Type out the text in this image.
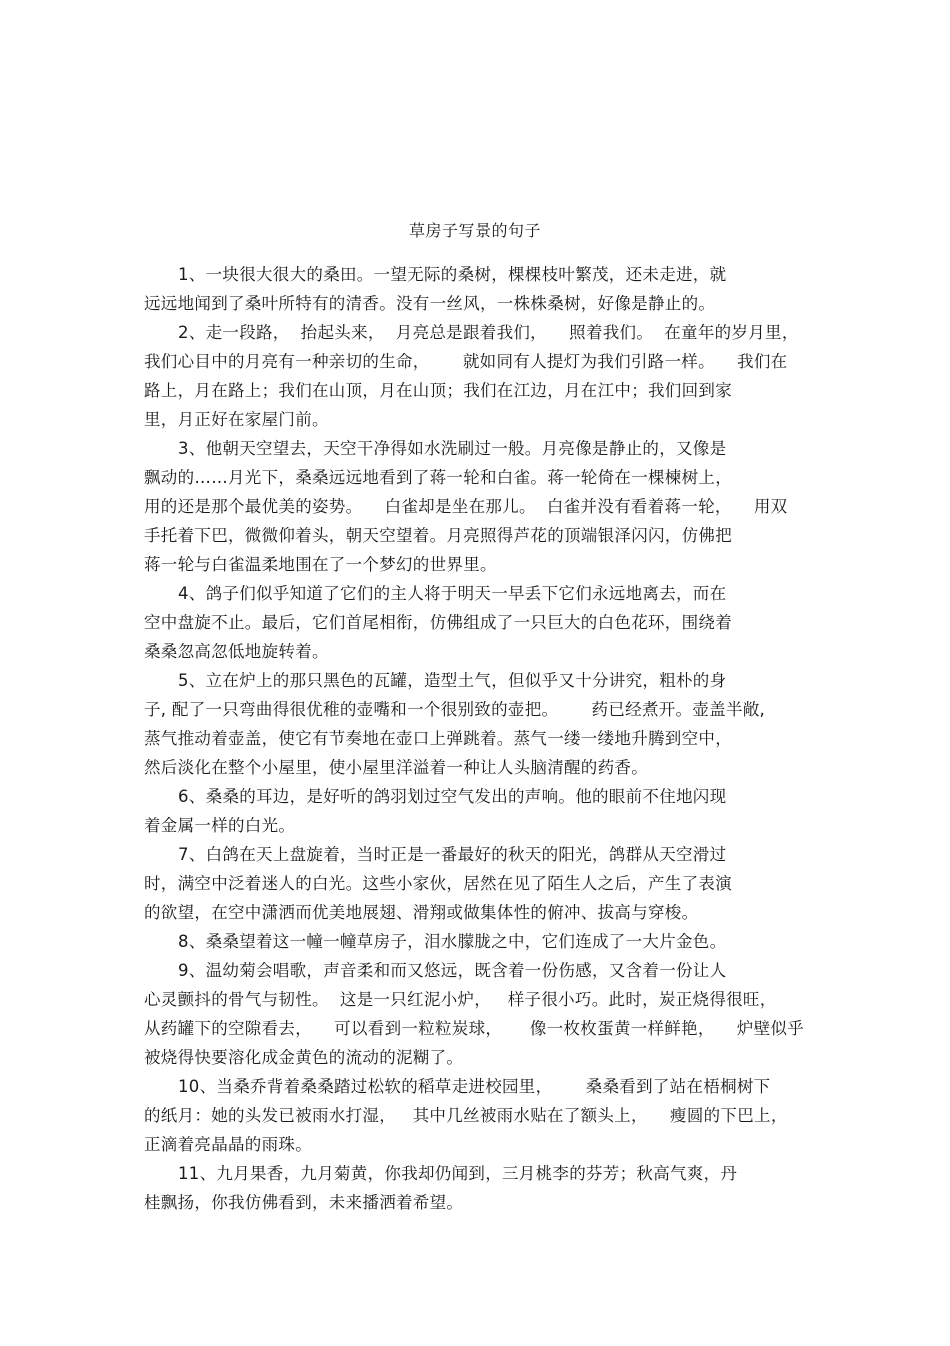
草房子写景的句子
1、一块很大很大的桑田。一望无际的桑树，棵棵枝叶繁茂，还未走进，就
远远地闻到了桑叶所特有的清香。没有一丝风，一株株桑树，好像是静止的。
2、走一段路，  抬起头来，  月亮总是跟着我们，    照着我们。  在童年的岁月里，
我们心目中的月亮有一种亲切的生命，      就如同有人提灯为我们引路一样。    我们在
路上，月在路上；我们在山顶，月在山顶；我们在江边，月在江中；我们回到家
里，月正好在家屋门前。
3、他朝天空望去，天空干净得如水洗刷过一般。月亮像是静止的，又像是
飘动的……月光下，桑桑远远地看到了蒋一轮和白雀。蒋一轮倚在一棵楝树上，
用的还是那个最优美的姿势。    白雀却是坐在那儿。  白雀并没有看着蒋一轮，    用双
手托着下巴，微微仰着头，朝天空望着。月亮照得芦花的顶端银泽闪闪，仿佛把
蒋一轮与白雀温柔地围在了一个梦幻的世界里。
4、鸽子们似乎知道了它们的主人将于明天一早丢下它们永远地离去，而在
空中盘旋不止。最后，它们首尾相衔，仿佛组成了一只巨大的白色花环，围绕着
桑桑忽高忽低地旋转着。
5、立在炉上的那只黑色的瓦罐，造型土气，但似乎又十分讲究，粗朴的身
子, 配了一只弯曲得很优稚的壶嘴和一个很别致的壶把。      药已经煮开。壶盖半敞,
蒸气推动着壶盖，使它有节奏地在壶口上弹跳着。蒸气一缕一缕地升腾到空中，
然后淡化在整个小屋里，使小屋里洋溢着一种让人头脑清醒的药香。
6、桑桑的耳边，是好听的鸽羽划过空气发出的声响。他的眼前不住地闪现
着金属一样的白光。
7、白鸽在天上盘旋着，当时正是一番最好的秋天的阳光，鸽群从天空滑过
时，满空中泛着迷人的白光。这些小家伙，居然在见了陌生人之后，产生了表演
的欲望，在空中潇洒而优美地展翅、滑翔或做集体性的俯冲、拔高与穿梭。
8、桑桑望着这一幢一幢草房子，泪水朦胧之中，它们连成了一大片金色。
9、温幼菊会唱歌，声音柔和而又悠远，既含着一份伤感，又含着一份让人
心灵颤抖的骨气与韧性。  这是一只红泥小炉，   样子很小巧。此时，炭正烧得很旺，
从药罐下的空隙看去，    可以看到一粒粒炭球，     像一枚枚蛋黄一样鲜艳，    炉壁似乎
被烧得快要溶化成金黄色的流动的泥糊了。
10、当桑乔背着桑桑踏过松软的稻草走进校园里，      桑桑看到了站在梧桐树下
的纸月：她的头发已被雨水打湿，   其中几丝被雨水贴在了额头上，    瘦圆的下巴上，
正滴着亮晶晶的雨珠。
11、九月果香，九月菊黄，你我却仍闻到，三月桃李的芬芳；秋高气爽，丹
桂飘扬，你我仿佛看到，未来播洒着希望。
